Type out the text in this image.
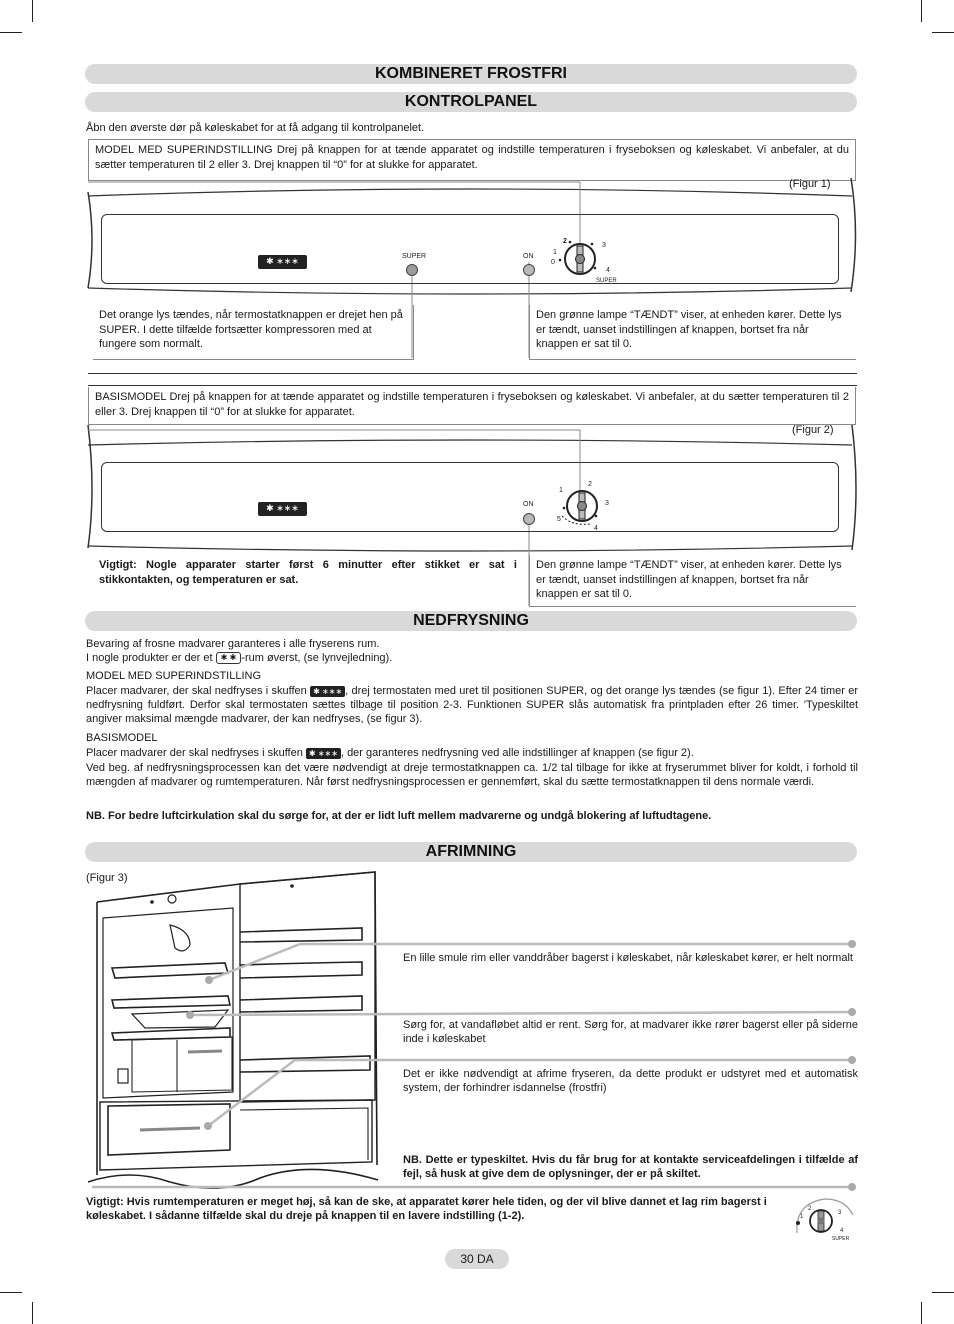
KOMBINERET FROSTFRI
KONTROLPANEL
Åbn den øverste dør på køleskabet for at få adgang til kontrolpanelet.
MODEL MED SUPERINDSTILLING Drej på knappen for at tænde apparatet og indstille temperaturen i fryseboksen og køleskabet. Vi anbefaler, at du sætter temperaturen til 2 eller 3. Drej knappen til “0” for at slukke for apparatet.
(Figur 1)
✱ ∗∗∗	SUPER	ON
2
3
1
0
4
SUPER
Det orange lys tændes, når termostatknappen er drejet hen på SUPER. I dette tilfælde fortsætter kompressoren med at fungere som normalt.
Den grønne lampe “TÆNDT” viser, at enheden kører. Dette lys er tændt, uanset indstillingen af knappen, bortset fra når knappen er sat til 0.
BASISMODEL Drej på knappen for at tænde apparatet og indstille temperaturen i fryseboksen og køleskabet. Vi anbefaler, at du sætter temperaturen til 2 eller 3. Drej knappen til “0” for at slukke for apparatet.
(Figur 2)
✱ ∗∗∗	ON
2
1
3
5
4
Vigtigt: Nogle apparater starter først 6 minutter efter stikket er sat i stikkontakten, og temperaturen er sat.
Den grønne lampe “TÆNDT” viser, at enheden kører. Dette lys er tændt, uanset indstillingen af knappen, bortset fra når knappen er sat til 0.
NEDFRYSNING
Bevaring af frosne madvarer garanteres i alle fryserens rum.
I nogle produkter er der et ✱ ✱ -rum øverst, (se lynvejledning).
MODEL MED SUPERINDSTILLING
Placer madvarer, der skal nedfryses i skuffen ✱ ∗∗∗ , drej termostaten med uret til positionen SUPER, og det orange lys tændes (se figur 1). Efter 24 timer er nedfrysning fuldført. Derfor skal termostaten sættes tilbage til position 2-3. Funktionen SUPER slås automatisk fra printpladen efter 26 timer. 'Typeskiltet angiver maksimal mængde madvarer, der kan nedfryses, (se figur 3).
BASISMODEL
Placer madvarer der skal nedfryses i skuffen ✱ ∗∗∗ , der garanteres nedfrysning ved alle indstillinger af knappen (se figur 2).
Ved beg. af nedfrysningsprocessen kan det være nødvendigt at dreje termostatknappen ca. 1/2 tal tilbage for ikke at fryserummet bliver for koldt, i forhold til mængden af madvarer og rumtemperaturen. Når først nedfrysningsprocessen er gennemført, skal du sætte termostatknappen til dens normale værdi.
NB. For bedre luftcirkulation skal du sørge for, at der er lidt luft mellem madvarerne og undgå blokering af luftudtagene.
AFRIMNING
(Figur 3)
En lille smule rim eller vanddråber bagerst i køleskabet, når køleskabet kører, er helt normalt
Sørg for, at vandafløbet altid er rent. Sørg for, at madvarer ikke rører bagerst eller på siderne inde i køleskabet
Det er ikke nødvendigt at afrime fryseren, da dette produkt er udstyret med et automatisk system, der forhindrer isdannelse (frostfri)
NB. Dette er typeskiltet. Hvis du får brug for at kontakte serviceafdelingen i tilfælde af fejl, så husk at give dem de oplysninger, der er på skiltet.
Vigtigt: Hvis rumtemperaturen er meget høj, så kan de ske, at apparatet kører hele tiden, og der vil blive dannet et lag rim bagerst i køleskabet. I sådanne tilfælde skal du dreje på knappen til en lavere indstilling (1-2).
2
3
1
4
SUPER
30 DA
